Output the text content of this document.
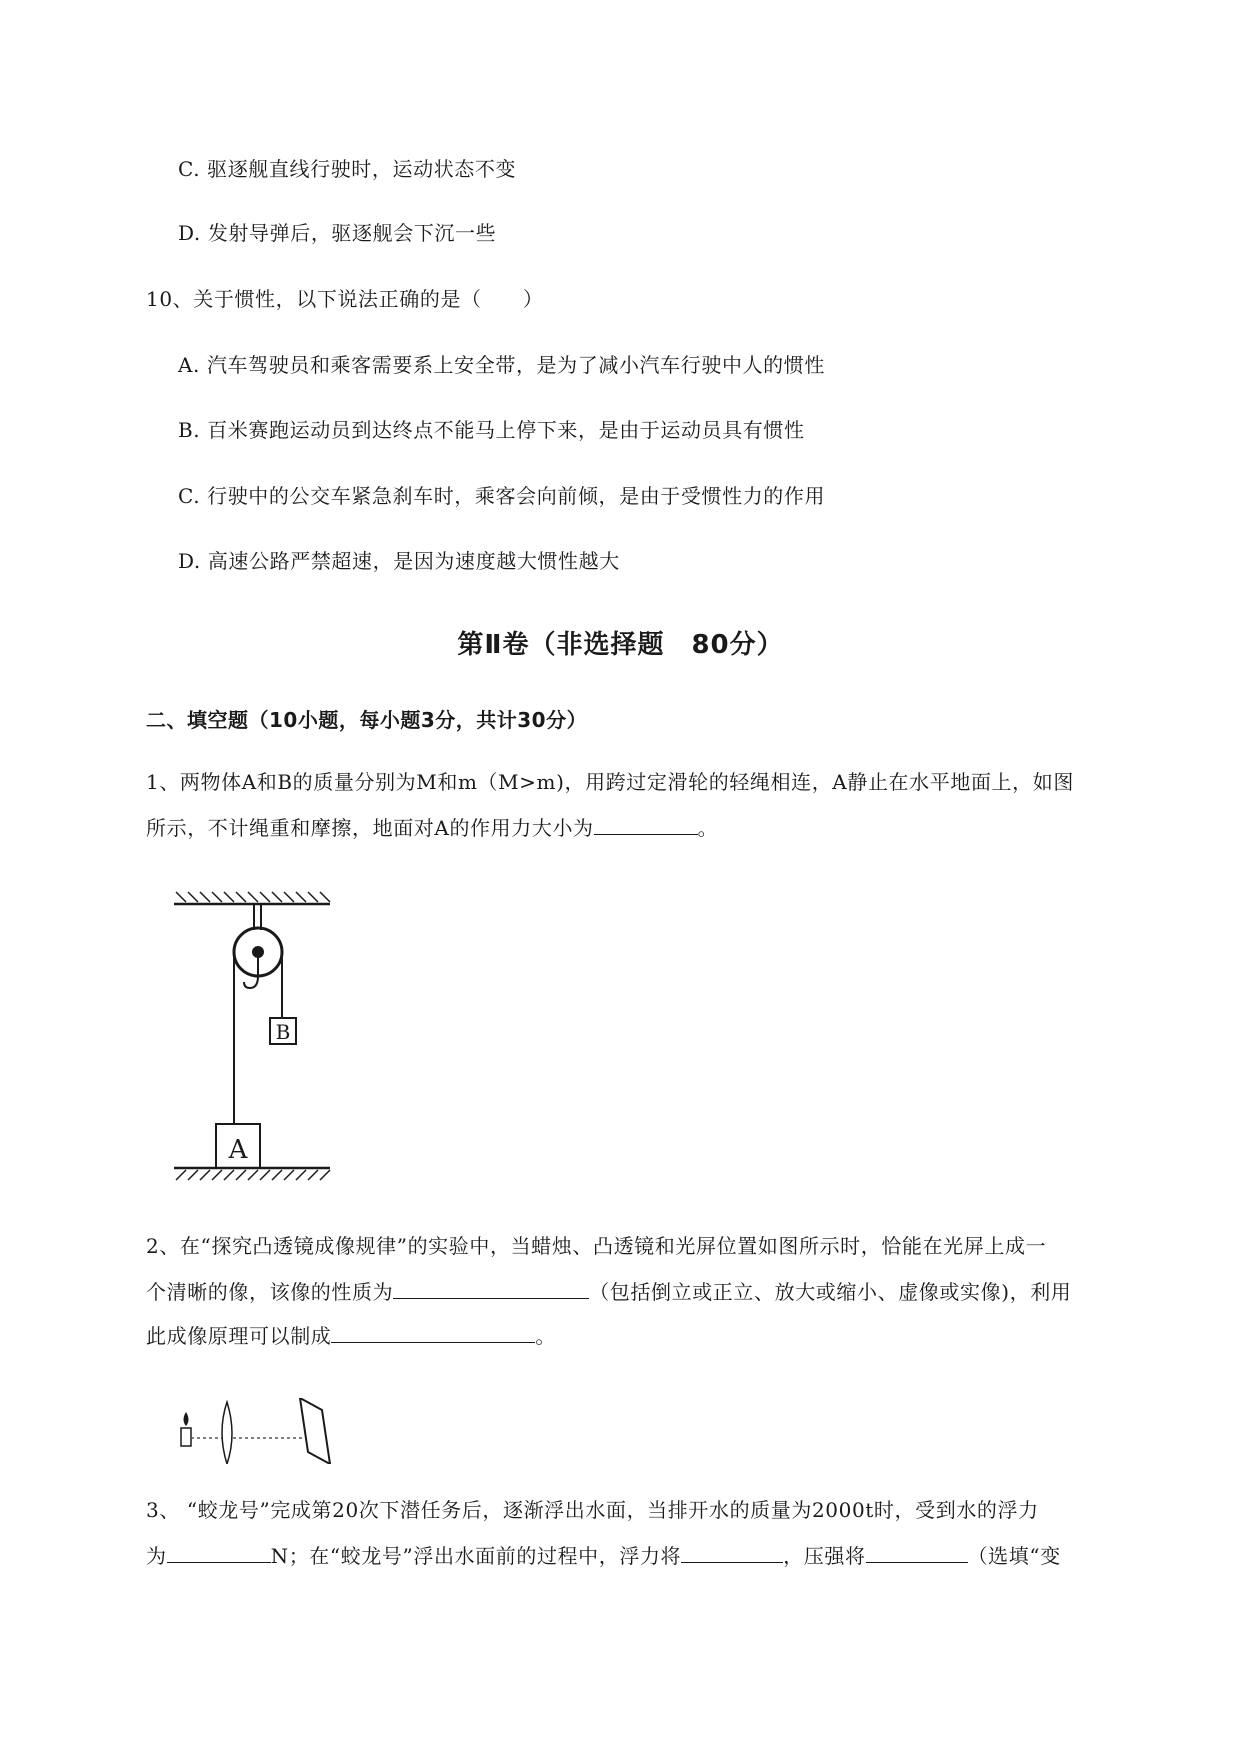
C. 驱逐舰直线行驶时，运动状态不变
D. 发射导弹后，驱逐舰会下沉一些
10、关于惯性，以下说法正确的是（　　）
A. 汽车驾驶员和乘客需要系上安全带，是为了减小汽车行驶中人的惯性
B. 百米赛跑运动员到达终点不能马上停下来，是由于运动员具有惯性
C. 行驶中的公交车紧急刹车时，乘客会向前倾，是由于受惯性力的作用
D. 高速公路严禁超速，是因为速度越大惯性越大
第Ⅱ卷（非选择题　80分）
二、填空题（10小题，每小题3分，共计30分）
1、两物体A和B的质量分别为M和m（M>m)，用跨过定滑轮的轻绳相连，A静止在水平地面上，如图
所示，不计绳重和摩擦，地面对A的作用力大小为	。
B
A
2、在“探究凸透镜成像规律”的实验中，当蜡烛、凸透镜和光屏位置如图所示时，恰能在光屏上成一
个清晰的像，该像的性质为	（包括倒立或正立、放大或缩小、虚像或实像)，利用
此成像原理可以制成	。
3、 “蛟龙号”完成第20次下潜任务后，逐渐浮出水面，当排开水的质量为2000t时，受到水的浮力
为	N；在“蛟龙号”浮出水面前的过程中，浮力将	，压强将	（选填“变
